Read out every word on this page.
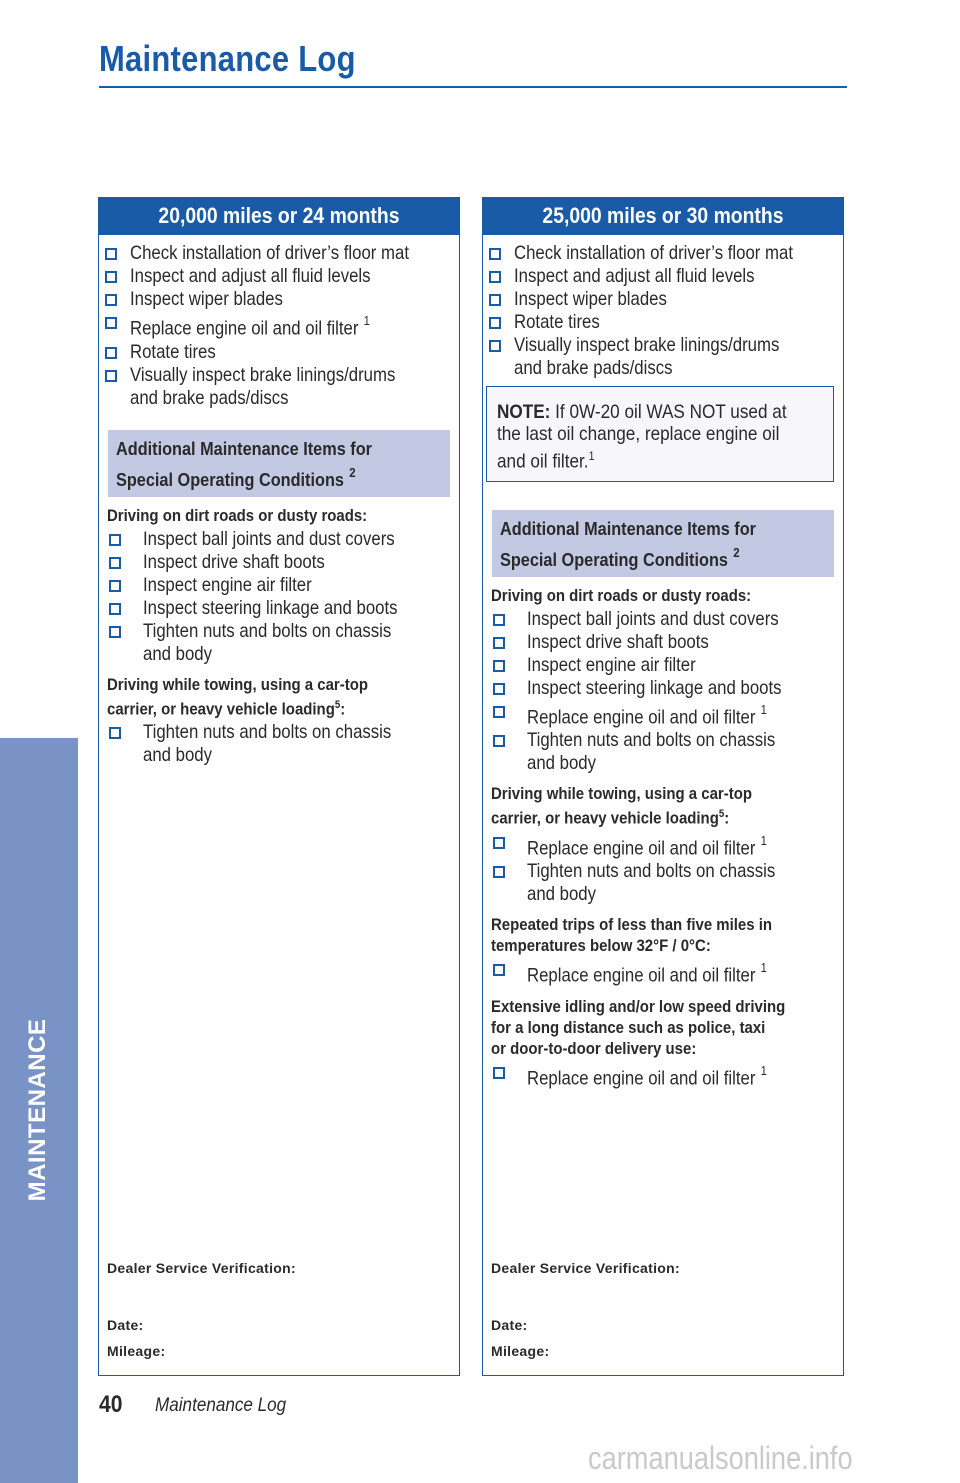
Maintenance Log
MAINTENANCE
20,000 miles or 24 months
Check installation of driver’s floor mat
Inspect and adjust all fluid levels
Inspect wiper blades
Replace engine oil and oil filter $^1$
Rotate tires
Visually inspect brake linings/drums
and brake pads/discs
Additional Maintenance Items for
Special Operating Conditions $^2$
Driving on dirt roads or dusty roads:
Inspect ball joints and dust covers
Inspect drive shaft boots
Inspect engine air filter
Inspect steering linkage and boots
Tighten nuts and bolts on chassis
and body
Driving while towing, using a car-top
carrier, or heavy vehicle loading$^5$:
Tighten nuts and bolts on chassis
and body
Dealer Service Verification:
Date:
Mileage:
25,000 miles or 30 months
Check installation of driver’s floor mat
Inspect and adjust all fluid levels
Inspect wiper blades
Rotate tires
Visually inspect brake linings/drums
and brake pads/discs
NOTE: If 0W-20 oil WAS NOT used at
the last oil change, replace engine oil
and oil filter.$^1$
Additional Maintenance Items for
Special Operating Conditions $^2$
Driving on dirt roads or dusty roads:
Inspect ball joints and dust covers
Inspect drive shaft boots
Inspect engine air filter
Inspect steering linkage and boots
Replace engine oil and oil filter $^1$
Tighten nuts and bolts on chassis
and body
Driving while towing, using a car-top
carrier, or heavy vehicle loading$^5$:
Replace engine oil and oil filter $^1$
Tighten nuts and bolts on chassis
and body
Repeated trips of less than five miles in
temperatures below 32°F / 0°C:
Replace engine oil and oil filter $^1$
Extensive idling and/or low speed driving
for a long distance such as police, taxi
or door-to-door delivery use:
Replace engine oil and oil filter $^1$
Dealer Service Verification:
Date:
Mileage:
40 Maintenance Log
carmanualsonline.info
